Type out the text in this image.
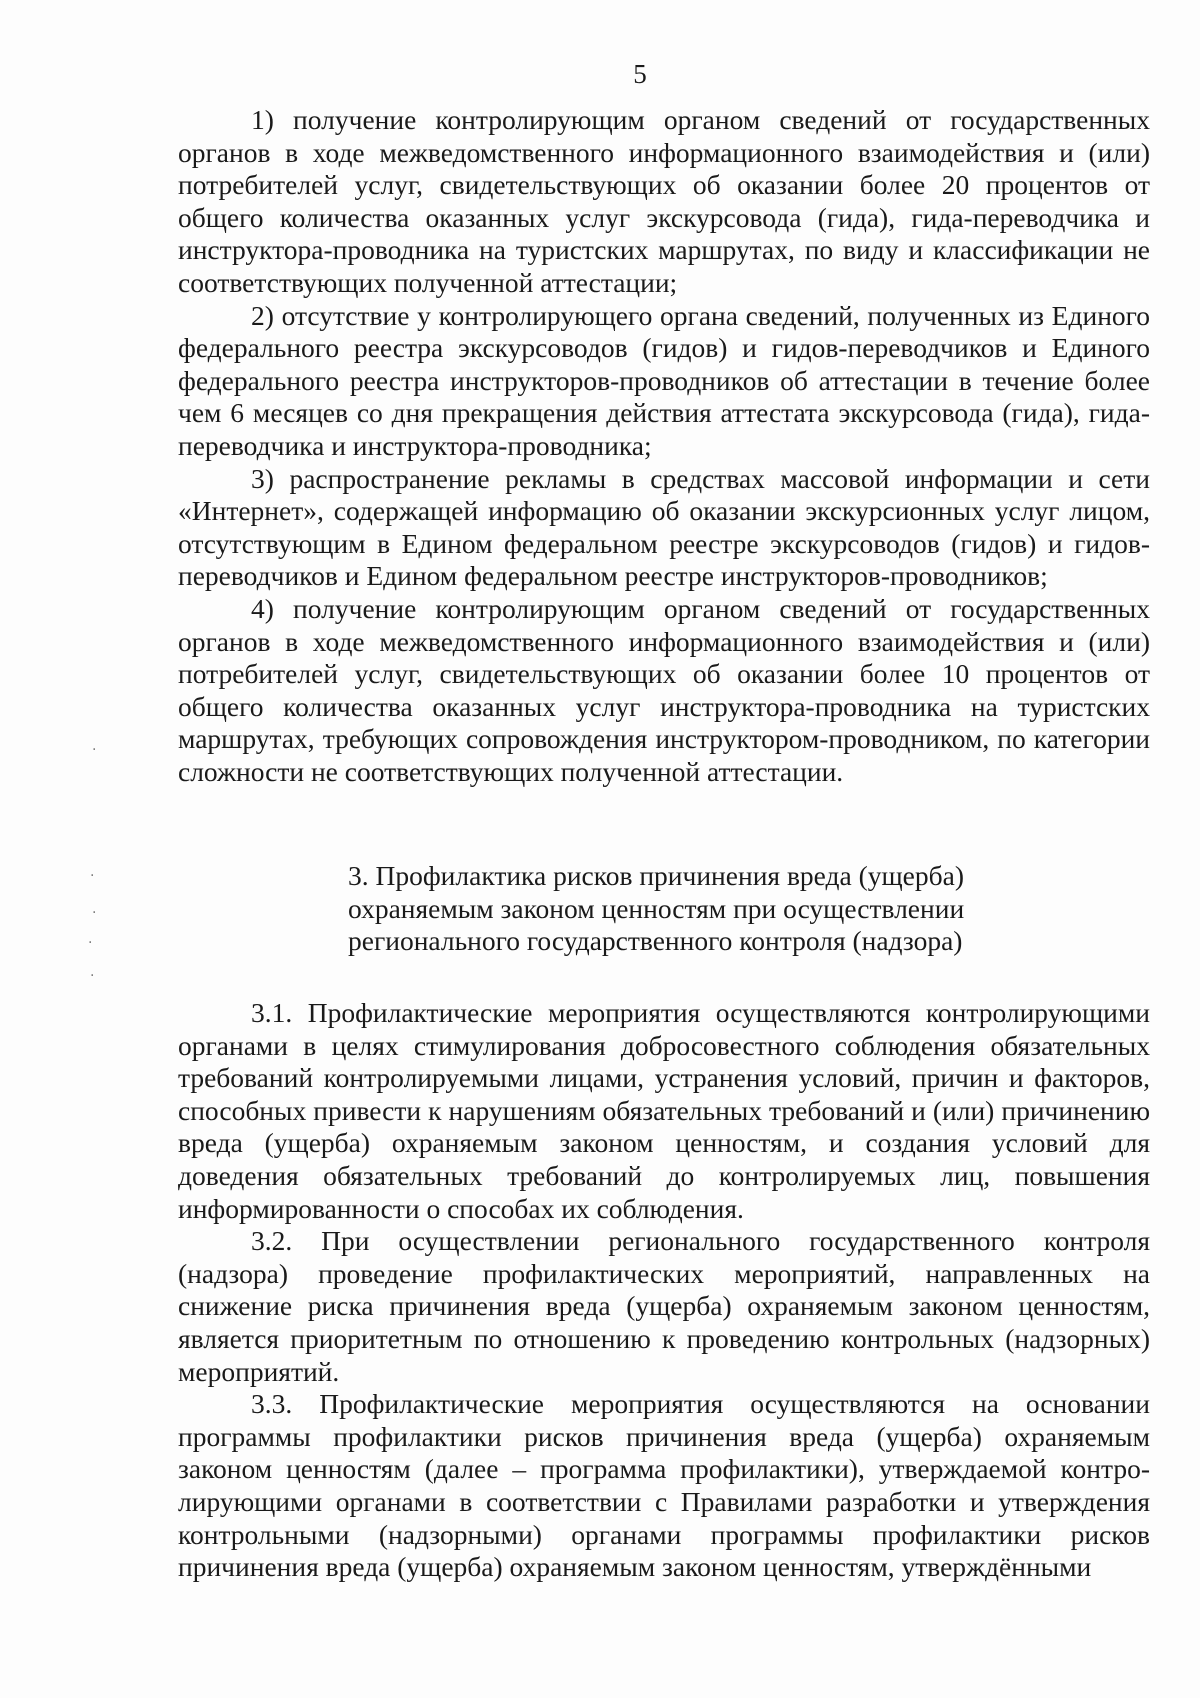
5

1) получение контролирующим органом сведений от государственных органов в ходе межведомственного информационного взаимодействия и (или) потребителей услуг, свидетельствующих об оказании более 20 процентов от общего количества оказанных услуг экскурсовода (гида), гида-переводчика и инструктора-проводника на туристских маршрутах, по виду и классификации не соответствующих полученной аттестации;

2) отсутствие у контролирующего органа сведений, полученных из Единого федерального реестра экскурсоводов (гидов) и гидов-переводчиков и Единого федерального реестра инструкторов-проводников об аттестации в течение более чем 6 месяцев со дня прекращения действия аттестата экскурсовода (гида), гида-переводчика и инструктора-проводника;

3) распространение рекламы в средствах массовой информации и сети «Интернет», содержащей информацию об оказании экскурсионных услуг лицом, отсутствующим в Едином федеральном реестре экскурсоводов (гидов) и гидов-переводчиков и Едином федеральном реестре инструкторов-проводников;

4) получение контролирующим органом сведений от государственных органов в ходе межведомственного информационного взаимодействия и (или) потребителей услуг, свидетельствующих об оказании более 10 процентов от общего количества оказанных услуг инструктора-проводника на туристских маршрутах, требующих сопровождения инструктором-проводником, по категории сложности не соответствующих полученной аттестации.

3. Профилактика рисков причинения вреда (ущерба)
охраняемым законом ценностям при осуществлении
регионального государственного контроля (надзора)

3.1. Профилактические мероприятия осуществляются контролирующими органами в целях стимулирования добросовестного соблюдения обязательных требований контролируемыми лицами, устранения условий, причин и факторов, способных привести к нарушениям обязательных требований и (или) причинению вреда (ущерба) охраняемым законом ценностям, и создания условий для доведения обязательных требований до контролируемых лиц, повышения информированности о способах их соблюдения.

3.2. При осуществлении регионального государственного контроля (надзора) проведение профилактических мероприятий, направленных на снижение риска причинения вреда (ущерба) охраняемым законом ценностям, является приоритетным по отношению к проведению контрольных (надзорных) мероприятий.

3.3. Профилактические мероприятия осуществляются на основании программы профилактики рисков причинения вреда (ущерба) охраняемым законом ценностям (далее – программа профилактики), утверждаемой контролирующими органами в соответствии с Правилами разработки и утверждения контрольными (надзорными) органами программы профилактики рисков причинения вреда (ущерба) охраняемым законом ценностям, утверждёнными

·
·
·
·
·
